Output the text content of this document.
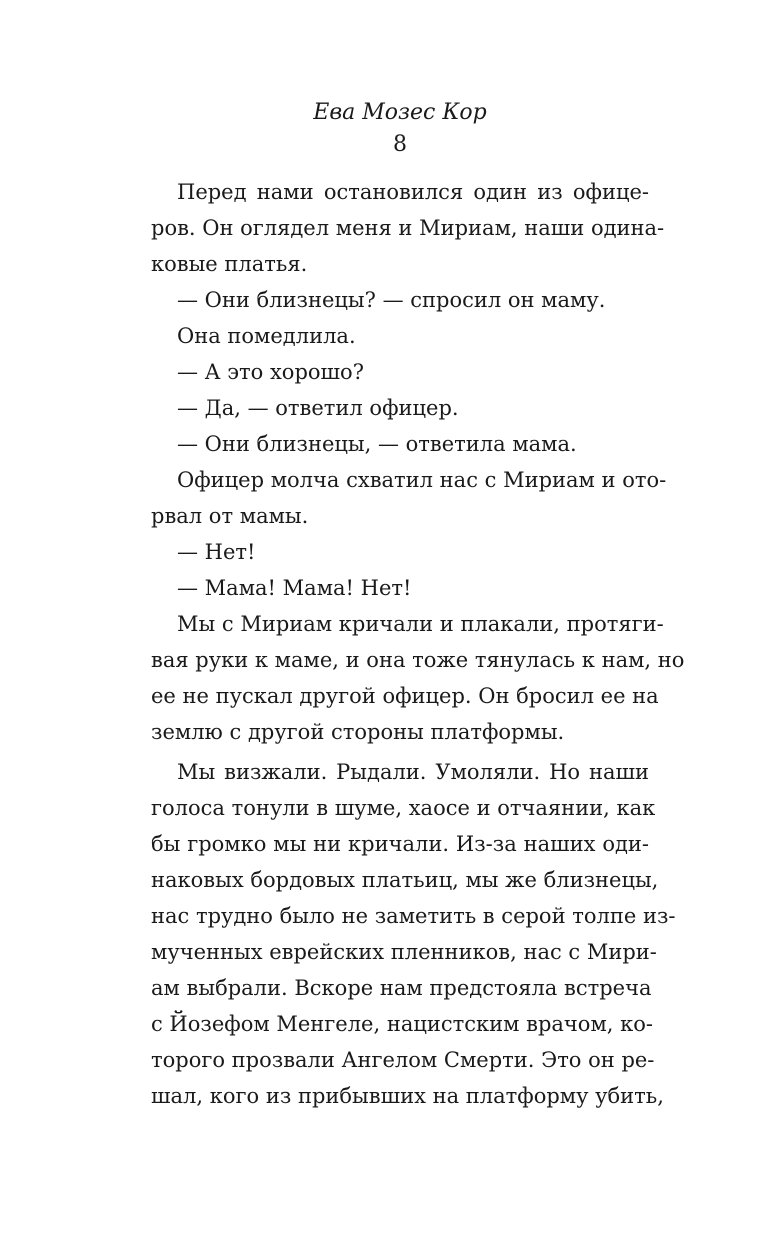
Ева Мозес Кор

8

Перед нами остановился один из офице-
ров. Он оглядел меня и Мириам, наши одина-
ковые платья.
— Они близнецы? — спросил он маму.
Она помедлила.
— А это хорошо?
— Да, — ответил офицер.
— Они близнецы, — ответила мама.
Офицер молча схватил нас с Мириам и ото-
рвал от мамы.
— Нет!
— Мама! Мама! Нет!
Мы с Мириам кричали и плакали, протяги-
вая руки к маме, и она тоже тянулась к нам, но
ее не пускал другой офицер. Он бросил ее на
землю с другой стороны платформы.
Мы визжали. Рыдали. Умоляли. Но наши
голоса тонули в шуме, хаосе и отчаянии, как
бы громко мы ни кричали. Из-за наших оди-
наковых бордовых платьиц, мы же близнецы,
нас трудно было не заметить в серой толпе из-
мученных еврейских пленников, нас с Мири-
ам выбрали. Вскоре нам предстояла встреча
с Йозефом Менгеле, нацистским врачом, ко-
торого прозвали Ангелом Смерти. Это он ре-
шал, кого из прибывших на платформу убить,
